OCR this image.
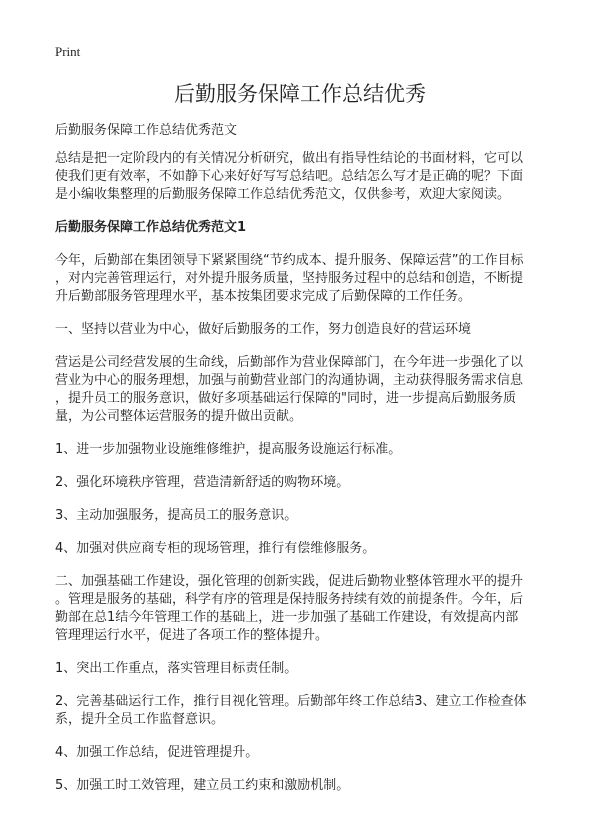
Print
后勤服务保障工作总结优秀

后勤服务保障工作总结优秀范文

总结是把一定阶段内的有关情况分析研究，做出有指导性结论的书面材料，它可以
使我们更有效率，不如静下心来好好写写总结吧。总结怎么写才是正确的呢？下面
是小编收集整理的后勤服务保障工作总结优秀范文，仅供参考，欢迎大家阅读。

后勤服务保障工作总结优秀范文1

今年，后勤部在集团领导下紧紧围绕“节约成本、提升服务、保障运营”的工作目标
，对内完善管理运行，对外提升服务质量，坚持服务过程中的总结和创造，不断提
升后勤部服务管理理水平，基本按集团要求完成了后勤保障的工作任务。

一、坚持以营业为中心，做好后勤服务的工作，努力创造良好的营运环境

营运是公司经营发展的生命线，后勤部作为营业保障部门，在今年进一步强化了以
营业为中心的服务理想，加强与前勤营业部门的沟通协调，主动获得服务需求信息
，提升员工的服务意识，做好多项基础运行保障的"同时，进一步提高后勤服务质
量，为公司整体运营服务的提升做出贡献。

1、进一步加强物业设施维修维护，提高服务设施运行标准。

2、强化环境秩序管理，营造清新舒适的购物环境。

3、主动加强服务，提高员工的服务意识。

4、加强对供应商专柜的现场管理，推行有偿维修服务。

二、加强基础工作建设，强化管理的创新实践，促进后勤物业整体管理水平的提升
。管理是服务的基础，科学有序的管理是保持服务持续有效的前提条件。今年，后
勤部在总1结今年管理工作的基础上，进一步加强了基础工作建设，有效提高内部
管理理运行水平，促进了各项工作的整体提升。

1、突出工作重点，落实管理目标责任制。

2、完善基础运行工作，推行目视化管理。后勤部年终工作总结3、建立工作检查体
系，提升全员工作监督意识。

4、加强工作总结，促进管理提升。

5、加强工时工效管理，建立员工约束和激励机制。
